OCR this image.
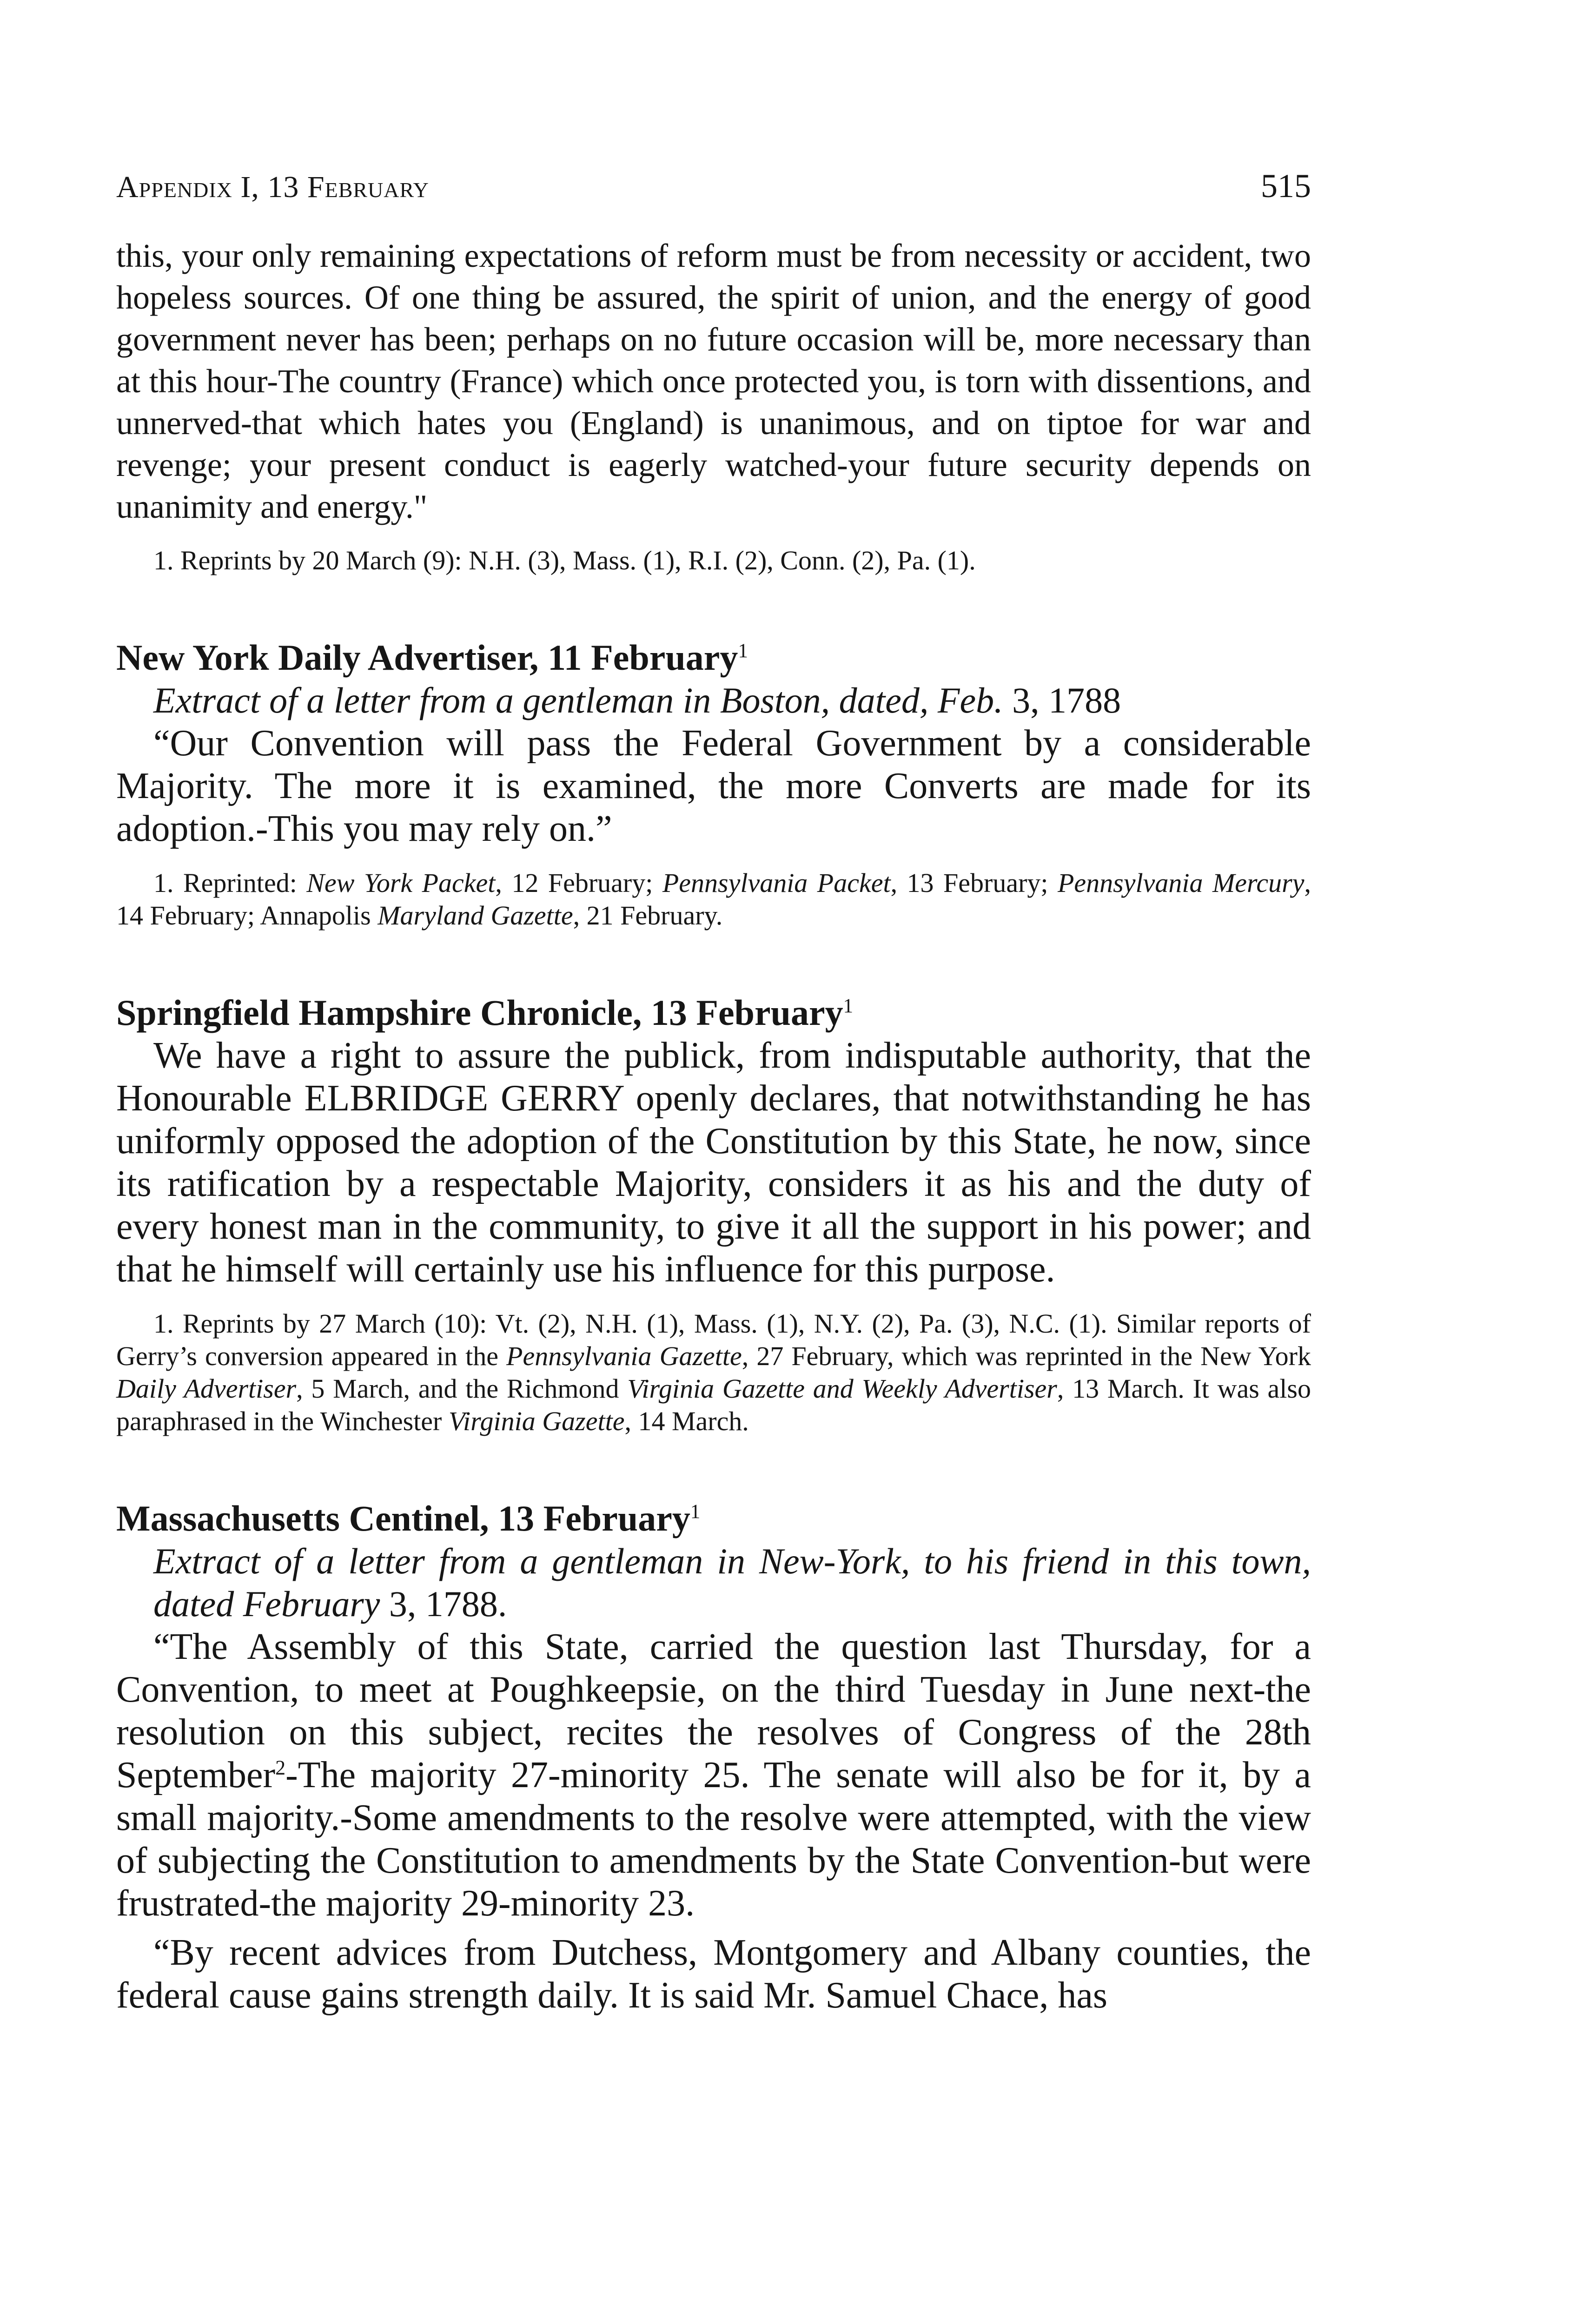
Appendix I, 13 February	515

this, your only remaining expectations of reform must be from necessity or accident, two hopeless sources. Of one thing be assured, the spirit of union, and the energy of good government never has been; perhaps on no future occasion will be, more necessary than at this hour-The country (France) which once protected you, is torn with dissentions, and unnerved-that which hates you (England) is unanimous, and on tiptoe for war and revenge; your present conduct is eagerly watched-your future security depends on unanimity and energy."

1. Reprints by 20 March (9): N.H. (3), Mass. (1), R.I. (2), Conn. (2), Pa. (1).

New York Daily Advertiser, 11 February$^1$

Extract of a letter from a gentleman in Boston, dated, Feb. 3, 1788

“Our Convention will pass the Federal Government by a considerable Majority. The more it is examined, the more Converts are made for its adoption.-This you may rely on.”

1. Reprinted: New York Packet, 12 February; Pennsylvania Packet, 13 February; Pennsylvania Mercury, 14 February; Annapolis Maryland Gazette, 21 February.

Springfield Hampshire Chronicle, 13 February$^1$

We have a right to assure the publick, from indisputable authority, that the Honourable ELBRIDGE GERRY openly declares, that notwithstanding he has uniformly opposed the adoption of the Constitution by this State, he now, since its ratification by a respectable Majority, considers it as his and the duty of every honest man in the community, to give it all the support in his power; and that he himself will certainly use his influence for this purpose.

1. Reprints by 27 March (10): Vt. (2), N.H. (1), Mass. (1), N.Y. (2), Pa. (3), N.C. (1). Similar reports of Gerry’s conversion appeared in the Pennsylvania Gazette, 27 February, which was reprinted in the New York Daily Advertiser, 5 March, and the Richmond Virginia Gazette and Weekly Advertiser, 13 March. It was also paraphrased in the Winchester Virginia Gazette, 14 March.

Massachusetts Centinel, 13 February$^1$

Extract of a letter from a gentleman in New-York, to his friend in this town, dated February 3, 1788.

“The Assembly of this State, carried the question last Thursday, for a Convention, to meet at Poughkeepsie, on the third Tuesday in June next-the resolution on this subject, recites the resolves of Congress of the 28th September$^2$-The majority 27-minority 25. The senate will also be for it, by a small majority.-Some amendments to the resolve were attempted, with the view of subjecting the Constitution to amendments by the State Convention-but were frustrated-the majority 29-minority 23.

“By recent advices from Dutchess, Montgomery and Albany counties, the federal cause gains strength daily. It is said Mr. Samuel Chace, has
